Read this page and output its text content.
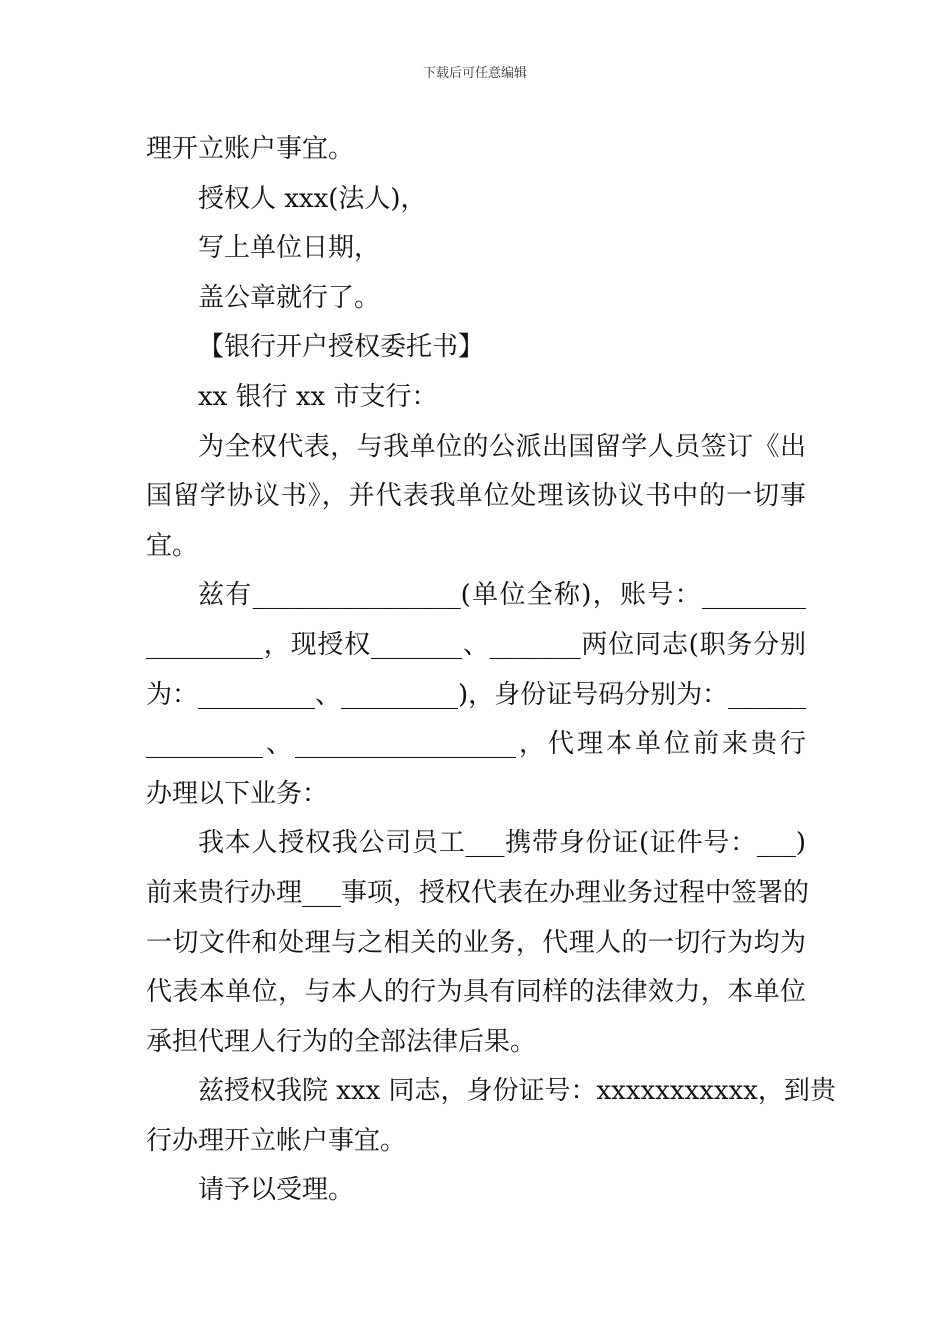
下载后可任意编辑
理开立账户事宜。
授权人 xxx(法人)，
写上单位日期，
盖公章就行了。
【银行开户授权委托书】
xx 银行 xx 市支行：
为全权代表，与我单位的公派出国留学人员签订《出
国留学协议书》，并代表我单位处理该协议书中的一切事
宜。
兹有________________(单位全称)，账号：________
_________，现授权_______、_______两位同志(职务分别
为：_________、_________)，身份证号码分别为：______
_________、_________________，代理本单位前来贵行
办理以下业务：
我本人授权我公司员工___携带身份证(证件号：___)
前来贵行办理___事项，授权代表在办理业务过程中签署的
一切文件和处理与之相关的业务，代理人的一切行为均为
代表本单位，与本人的行为具有同样的法律效力，本单位
承担代理人行为的全部法律后果。
兹授权我院 xxx 同志，身份证号：xxxxxxxxxxx，到贵
行办理开立帐户事宜。
请予以受理。
